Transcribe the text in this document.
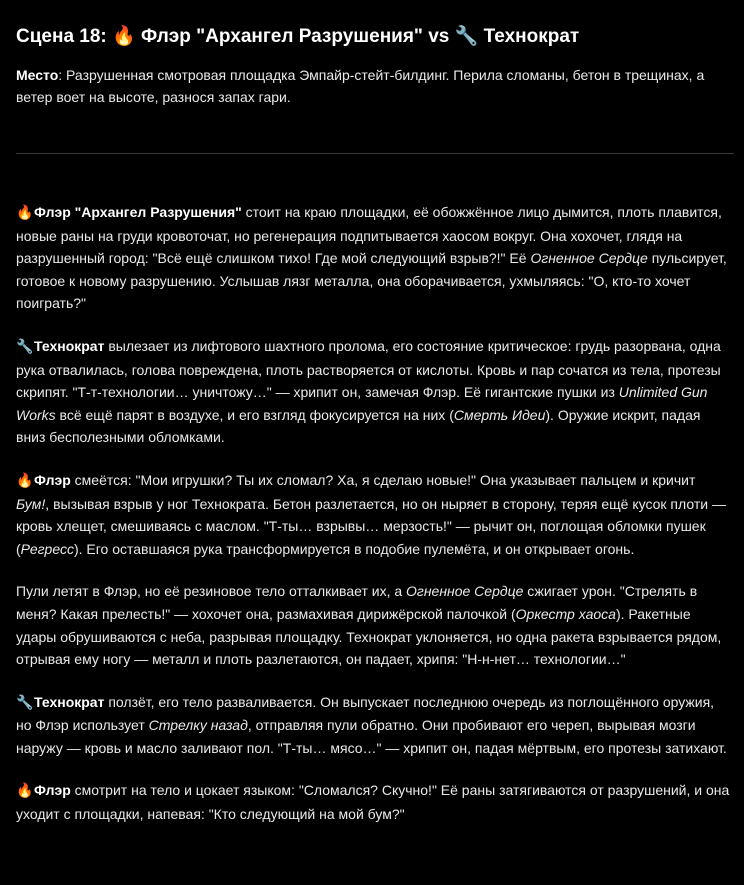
Сцена 18: 🔥 Флэр "Архангел Разрушения" vs 🔧 Технократ
Место: Разрушенная смотровая площадка Эмпайр-стейт-билдинг. Перила сломаны, бетон в трещинах, а ветер воет на высоте, разнося запах гари.

🔥Флэр "Архангел Разрушения" стоит на краю площадки, её обожжённое лицо дымится, плоть плавится, новые раны на груди кровоточат, но регенерация подпитывается хаосом вокруг. Она хохочет, глядя на разрушенный город: "Всё ещё слишком тихо! Где мой следующий взрыв?!" Её Огненное Сердце пульсирует, готовое к новому разрушению. Услышав лязг металла, она оборачивается, ухмыляясь: "О, кто-то хочет поиграть?"

🔧Технократ вылезает из лифтового шахтного пролома, его состояние критическое: грудь разорвана, одна рука отвалилась, голова повреждена, плоть растворяется от кислоты. Кровь и пар сочатся из тела, протезы скрипят. "Т-т-технологии… уничтожу…" — хрипит он, замечая Флэр. Её гигантские пушки из Unlimited Gun Works всё ещё парят в воздухе, и его взгляд фокусируется на них (Смерть Идеи). Оружие искрит, падая вниз бесполезными обломками.

🔥Флэр смеётся: "Мои игрушки? Ты их сломал? Ха, я сделаю новые!" Она указывает пальцем и кричит Бум!, вызывая взрыв у ног Технократа. Бетон разлетается, но он ныряет в сторону, теряя ещё кусок плоти — кровь хлещет, смешиваясь с маслом. "Т-ты… взрывы… мерзость!" — рычит он, поглощая обломки пушек (Регресс). Его оставшаяся рука трансформируется в подобие пулемёта, и он открывает огонь.

Пули летят в Флэр, но её резиновое тело отталкивает их, а Огненное Сердце сжигает урон. "Стрелять в меня? Какая прелесть!" — хохочет она, размахивая дирижёрской палочкой (Оркестр хаоса). Ракетные удары обрушиваются с неба, разрывая площадку. Технократ уклоняется, но одна ракета взрывается рядом, отрывая ему ногу — металл и плоть разлетаются, он падает, хрипя: "Н-н-нет… технологии…"

🔧Технократ ползёт, его тело разваливается. Он выпускает последнюю очередь из поглощённого оружия, но Флэр использует Стрелку назад, отправляя пули обратно. Они пробивают его череп, вырывая мозги наружу — кровь и масло заливают пол. "Т-ты… мясо…" — хрипит он, падая мёртвым, его протезы затихают.

🔥Флэр смотрит на тело и цокает языком: "Сломался? Скучно!" Её раны затягиваются от разрушений, и она уходит с площадки, напевая: "Кто следующий на мой бум?"
